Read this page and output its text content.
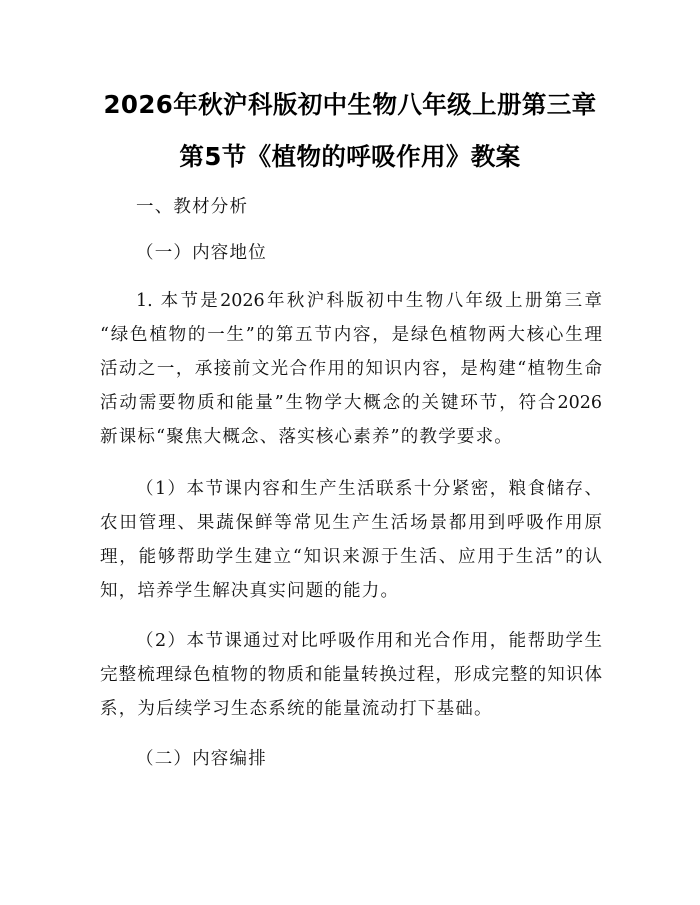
2026年秋沪科版初中生物八年级上册第三章
第5节《植物的呼吸作用》教案
一、教材分析
（一）内容地位
1. 本节是2026年秋沪科版初中生物八年级上册第三章
“绿色植物的一生”的第五节内容，是绿色植物两大核心生理
活动之一，承接前文光合作用的知识内容，是构建“植物生命
活动需要物质和能量”生物学大概念的关键环节，符合2026
新课标“聚焦大概念、落实核心素养”的教学要求。
（1）本节课内容和生产生活联系十分紧密，粮食储存、
农田管理、果蔬保鲜等常见生产生活场景都用到呼吸作用原
理，能够帮助学生建立“知识来源于生活、应用于生活”的认
知，培养学生解决真实问题的能力。
（2）本节课通过对比呼吸作用和光合作用，能帮助学生
完整梳理绿色植物的物质和能量转换过程，形成完整的知识体
系，为后续学习生态系统的能量流动打下基础。
（二）内容编排
